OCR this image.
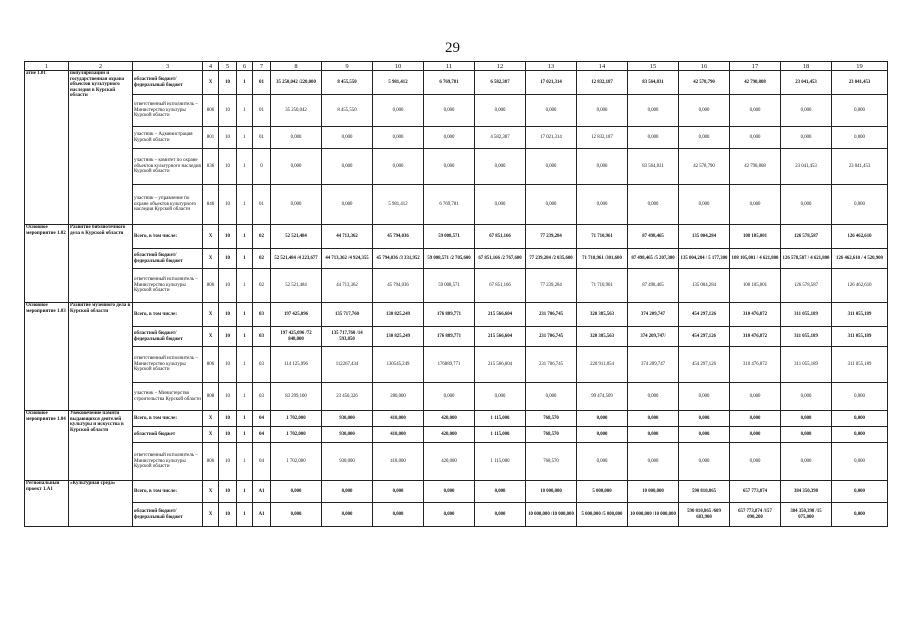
29
1	2	3	4	5	6	7	8	9	10	11	12	13	14	15	16	17	18	19
атие 1.01	популяризации и государственная охрана объектов культурного наследия в Курской области	областной бюджет/ федеральный бюджет	X	10	1	01	35 250,042 /220,000	8 455,550	5 981,412	6 769,781	6 582,387	17 021,314	12 832,187	83 564,831	42 578,790	42 790,808	23 041,453	23 041,453
		ответственный исполнитель – Министерство культуры Курской области	806	10	1	01	35 250,042	8 455,550	0,000	0,000	0,000	0,000	0,000	0,000	0,000	0,000	0,000	0,000
		участник – Администрация Курской области	801	10	1	01	0,000	0,000	0,000	0,000	4 582,387	17 021,314	12 832,187	0,000	0,000	0,000	0,000	0,000
		участник – комитет по охране объектов культурного наследия Курской области	836	10	1	0	0,000	0,000	0,000	0,000	0,000	0,000	0,000	83 564,831	42 578,790	42 790,808	23 041,453	23 041,453
		участник – управление по охране объектов культурного наследия Курской области	846	10	1	01	0,000	0,000	5 981,412	6 769,781	0,000	0,000	0,000	0,000	0,000	0,000	0,000	0,000
Основное мероприятие 1.02	Развитие библиотечного дела в Курской области	Всего, в том числе:	X	10	1	02	52 521,484	44 713,362	45 794,036	59 008,571	67 851,166	77 239,284	71 710,961	87 498,465	135 004,284	108 105,001	126 578,587	126 462,610
		областной бюджет/ федеральный бюджет	X	10	1	02	52 521,484 /4 223,677	44 713,362 /4 924,355	45 794,036 /3 331,952	59 008,571 /2 705,600	67 851,166 /2 767,600	77 239,284 /2 035,600	71 710,961 /301,600	87 498,465 /5 207,300	135 004,284 / 5 177,300	108 105,001 / 4 621,800	126 578,587 / 4 621,800	126 462,610 / 4 520,900
		ответственный исполнитель – Министерство культуры Курской области	806	10	1	02	52 521,484	44 713,362	45 794,036	59 008,571	67 851,166	77 239,284	71 710,961	87 498,465	135 004,284	108 105,001	126 578,587	126 462,610
Основное мероприятие 1.03	Развитие музейного дела в Курской области	Всего, в том числе:	X	10	1	03	197 425,096	135 717,760	130 825,249	176 889,771	215 566,604	231 706,745	320 385,563	374 209,747	454 297,126	310 476,872	311 055,189	311 055,189
		областной бюджет/ федеральный бюджет	X	10	1	03	197 425,096 /72 848,000	135 717,760 /14 593,850	130 825,249	176 889,771	215 566,604	231 706,745	320 385,563	374 209,747/	454 297,126	310 476,872	311 055,189	311 055,189
		ответственный исполнитель – Министерство культуры Курской области	806	10	1	03	114 125,996	112267,434	130545,249	176889,771	215 566,604	231 706,745	220 911,054	374 209,747	454 297,126	310 476,872	311 055,189	311 055,189
		участник – Министерство строительства Курской области	808	10	1	03	83 299,100	23 450,326	280,000	0,000	0,000	0,000	99 474,509	0,000	0,000	0,000	0,000	0,000
Основное мероприятие 1.04	Увековечение памяти выдающихся деятелей культуры и искусства в Курской области	Всего, в том числе:	X	10	1	04	1 702,000	930,000	418,000	420,000	1 115,000	768,570	0,000	0,000	0,000	0,000	0,000	0,000
		областной бюджет	X	10	1	04	1 702,000	930,000	418,000	420,000	1 115,000	768,570	0,000	0,000	0,000	0,000	0,000	0,000
		ответственный исполнитель – Министерство культуры Курской области	806	10	1	04	1 702,000	930,000	418,000	420,000	1 115,000	768,570	0,000	0,000	0,000	0,000	0,000	0,000
Региональный проект 1.А1	«Культурная среда»	Всего, в том числе:	X	10	1	А1	0,000	0,000	0,000	0,000	0,000	10 000,000	5 000,000	10 000,000	590 810,865	657 773,874	384 350,398	0,000
		областной бюджет/ федеральный бюджет	X	10	1	А1	0,000	0,000	0,000	0,000	0,000	10 000,000 /10 000,000	5 000,000 /5 000,000	10 000,000 /10 000,000	590 810,865 /609 683,900	657 773,874 /157 090,200	384 350,398 /15 075,000	0,000
